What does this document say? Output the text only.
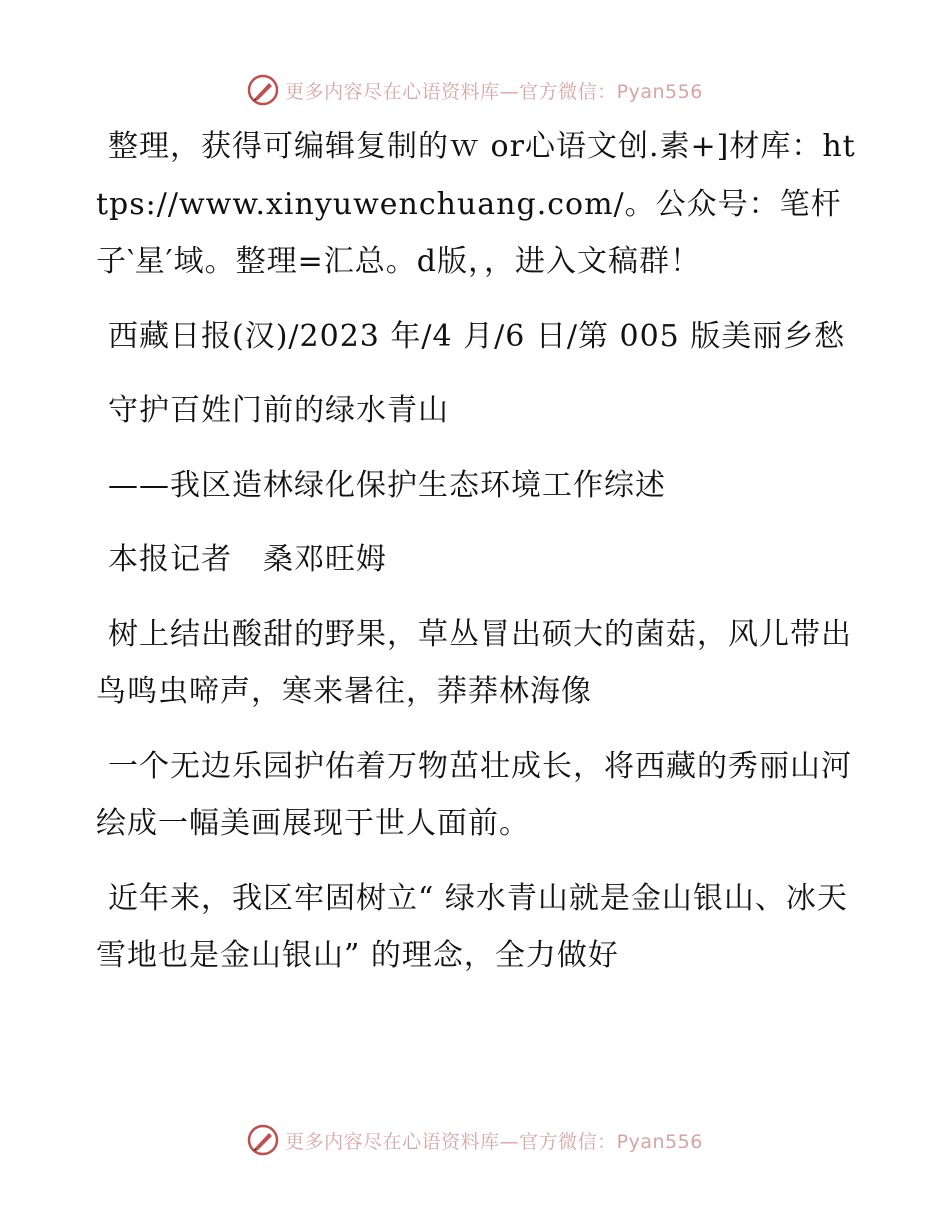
更多内容尽在心语资料库—官方微信：Pyan556

整理，获得可编辑复制的ｗ or心语文创.素+]材库：https://www.xinyuwenchuang.com/。公众号：笔杆子‵星′域。整理=汇总。d版，，进入文稿群！

西藏日报(汉)/2023 年/4 月/6 日/第 005 版美丽乡愁

守护百姓门前的绿水青山

——我区造林绿化保护生态环境工作综述

本报记者　桑邓旺姆

树上结出酸甜的野果，草丛冒出硕大的菌菇，风儿带出鸟鸣虫啼声，寒来暑往，莽莽林海像

一个无边乐园护佑着万物茁壮成长，将西藏的秀丽山河绘成一幅美画展现于世人面前。

近年来，我区牢固树立“ 绿水青山就是金山银山、冰天雪地也是金山银山” 的理念，全力做好

更多内容尽在心语资料库—官方微信：Pyan556
